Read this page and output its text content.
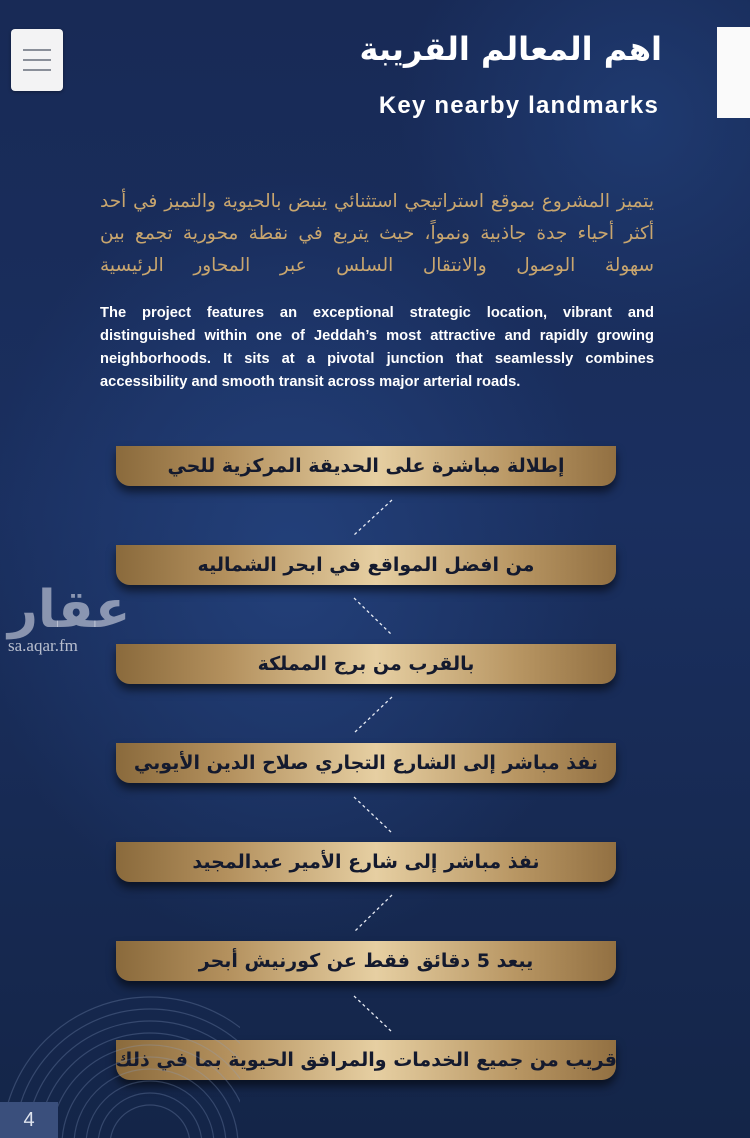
اهم المعالم القريبة
Key nearby landmarks

يتميز المشروع بموقع استراتيجي استثنائي ينبض بالحيوية والتميز في أحد أكثر أحياء جدة جاذبية ونمواً، حيث يتربع في نقطة محورية تجمع بين سهولة الوصول والانتقال السلس عبر المحاور الرئيسية

The project features an exceptional strategic location, vibrant and distinguished within one of Jeddah’s most attractive and rapidly growing neighborhoods. It sits at a pivotal junction that seamlessly combines accessibility and smooth transit across major arterial roads.

إطلالة مباشرة على الحديقة المركزية للحي
من افضل المواقع في ابحر الشماليه
بالقرب من برج المملكة
نفذ مباشر إلى الشارع التجاري صلاح الدين الأيوبي
نفذ مباشر إلى شارع الأمير عبدالمجيد
يبعد 5 دقائق فقط عن كورنيش أبحر
قريب من جميع الخدمات والمرافق الحيوية بما في ذلك
عقار
sa.aqar.fm
4
